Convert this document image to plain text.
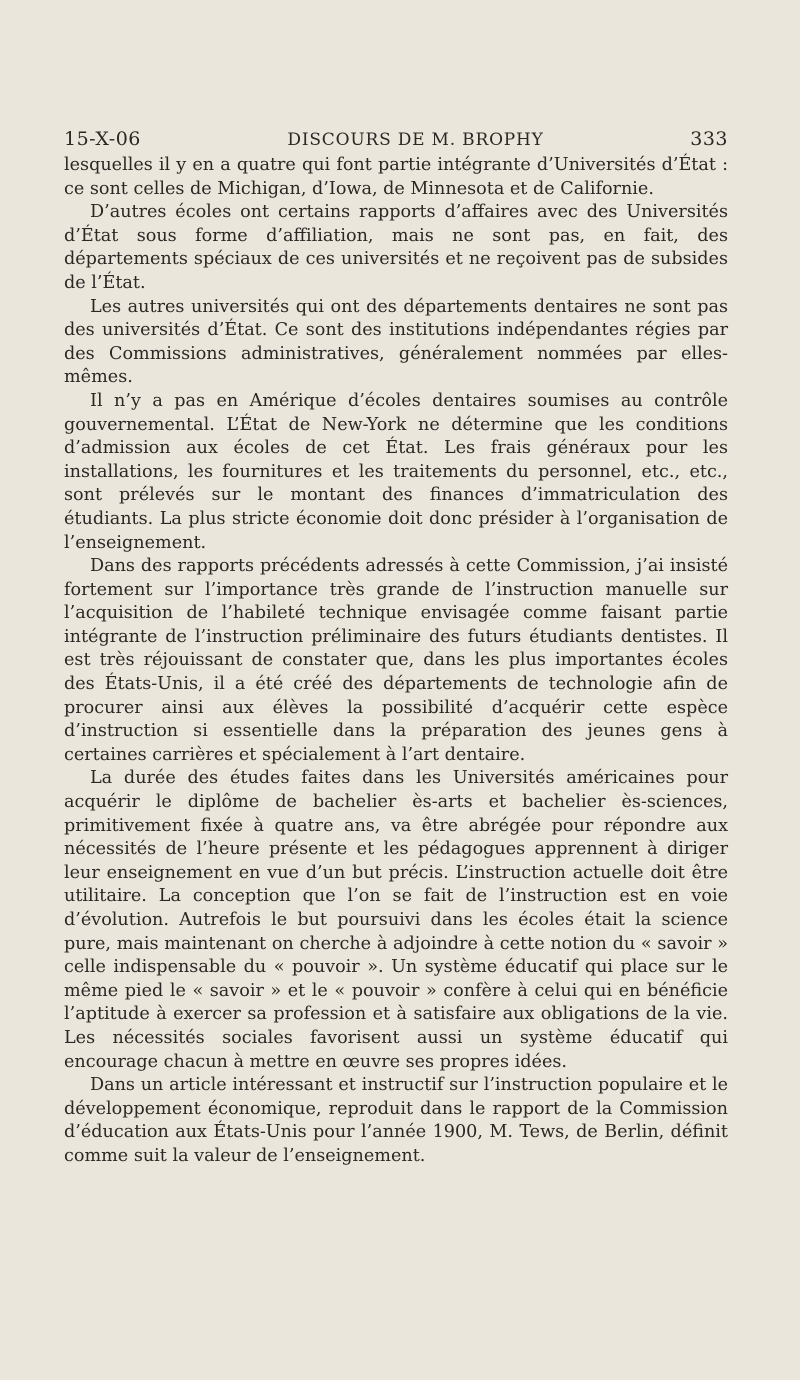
15-X-06	DISCOURS DE M. BROPHY	333

lesquelles il y en a quatre qui font partie intégrante d’Universités d’État : ce sont celles de Michigan, d’Iowa, de Minnesota et de Californie.

D’autres écoles ont certains rapports d’affaires avec des Universités d’État sous forme d’affiliation, mais ne sont pas, en fait, des départements spéciaux de ces universités et ne reçoivent pas de subsides de l’État.

Les autres universités qui ont des départements dentaires ne sont pas des universités d’État. Ce sont des institutions indépendantes régies par des Commissions administratives, généralement nommées par elles-mêmes.

Il n’y a pas en Amérique d’écoles dentaires soumises au contrôle gouvernemental. L’État de New-York ne détermine que les conditions d’admission aux écoles de cet État. Les frais généraux pour les installations, les fournitures et les traitements du personnel, etc., etc., sont prélevés sur le montant des finances d’immatriculation des étudiants. La plus stricte économie doit donc présider à l’organisation de l’enseignement.

Dans des rapports précédents adressés à cette Commission, j’ai insisté fortement sur l’importance très grande de l’instruction manuelle sur l’acquisition de l’habileté technique envisagée comme faisant partie intégrante de l’instruction préliminaire des futurs étudiants dentistes. Il est très réjouissant de constater que, dans les plus importantes écoles des États-Unis, il a été créé des départements de technologie afin de procurer ainsi aux élèves la possibilité d’acquérir cette espèce d’instruction si essentielle dans la préparation des jeunes gens à certaines carrières et spécialement à l’art dentaire.

La durée des études faites dans les Universités américaines pour acquérir le diplôme de bachelier ès-arts et bachelier ès-sciences, primitivement fixée à quatre ans, va être abrégée pour répondre aux nécessités de l’heure présente et les pédagogues apprennent à diriger leur enseignement en vue d’un but précis. L’instruction actuelle doit être utilitaire. La conception que l’on se fait de l’instruction est en voie d’évolution. Autrefois le but poursuivi dans les écoles était la science pure, mais maintenant on cherche à adjoindre à cette notion du « savoir » celle indispensable du « pouvoir ». Un système éducatif qui place sur le même pied le « savoir » et le « pouvoir » confère à celui qui en bénéficie l’aptitude à exercer sa profession et à satisfaire aux obligations de la vie. Les nécessités sociales favorisent aussi un système éducatif qui encourage chacun à mettre en œuvre ses propres idées.

Dans un article intéressant et instructif sur l’instruction populaire et le développement économique, reproduit dans le rapport de la Commission d’éducation aux États-Unis pour l’année 1900, M. Tews, de Berlin, définit comme suit la valeur de l’enseignement.
